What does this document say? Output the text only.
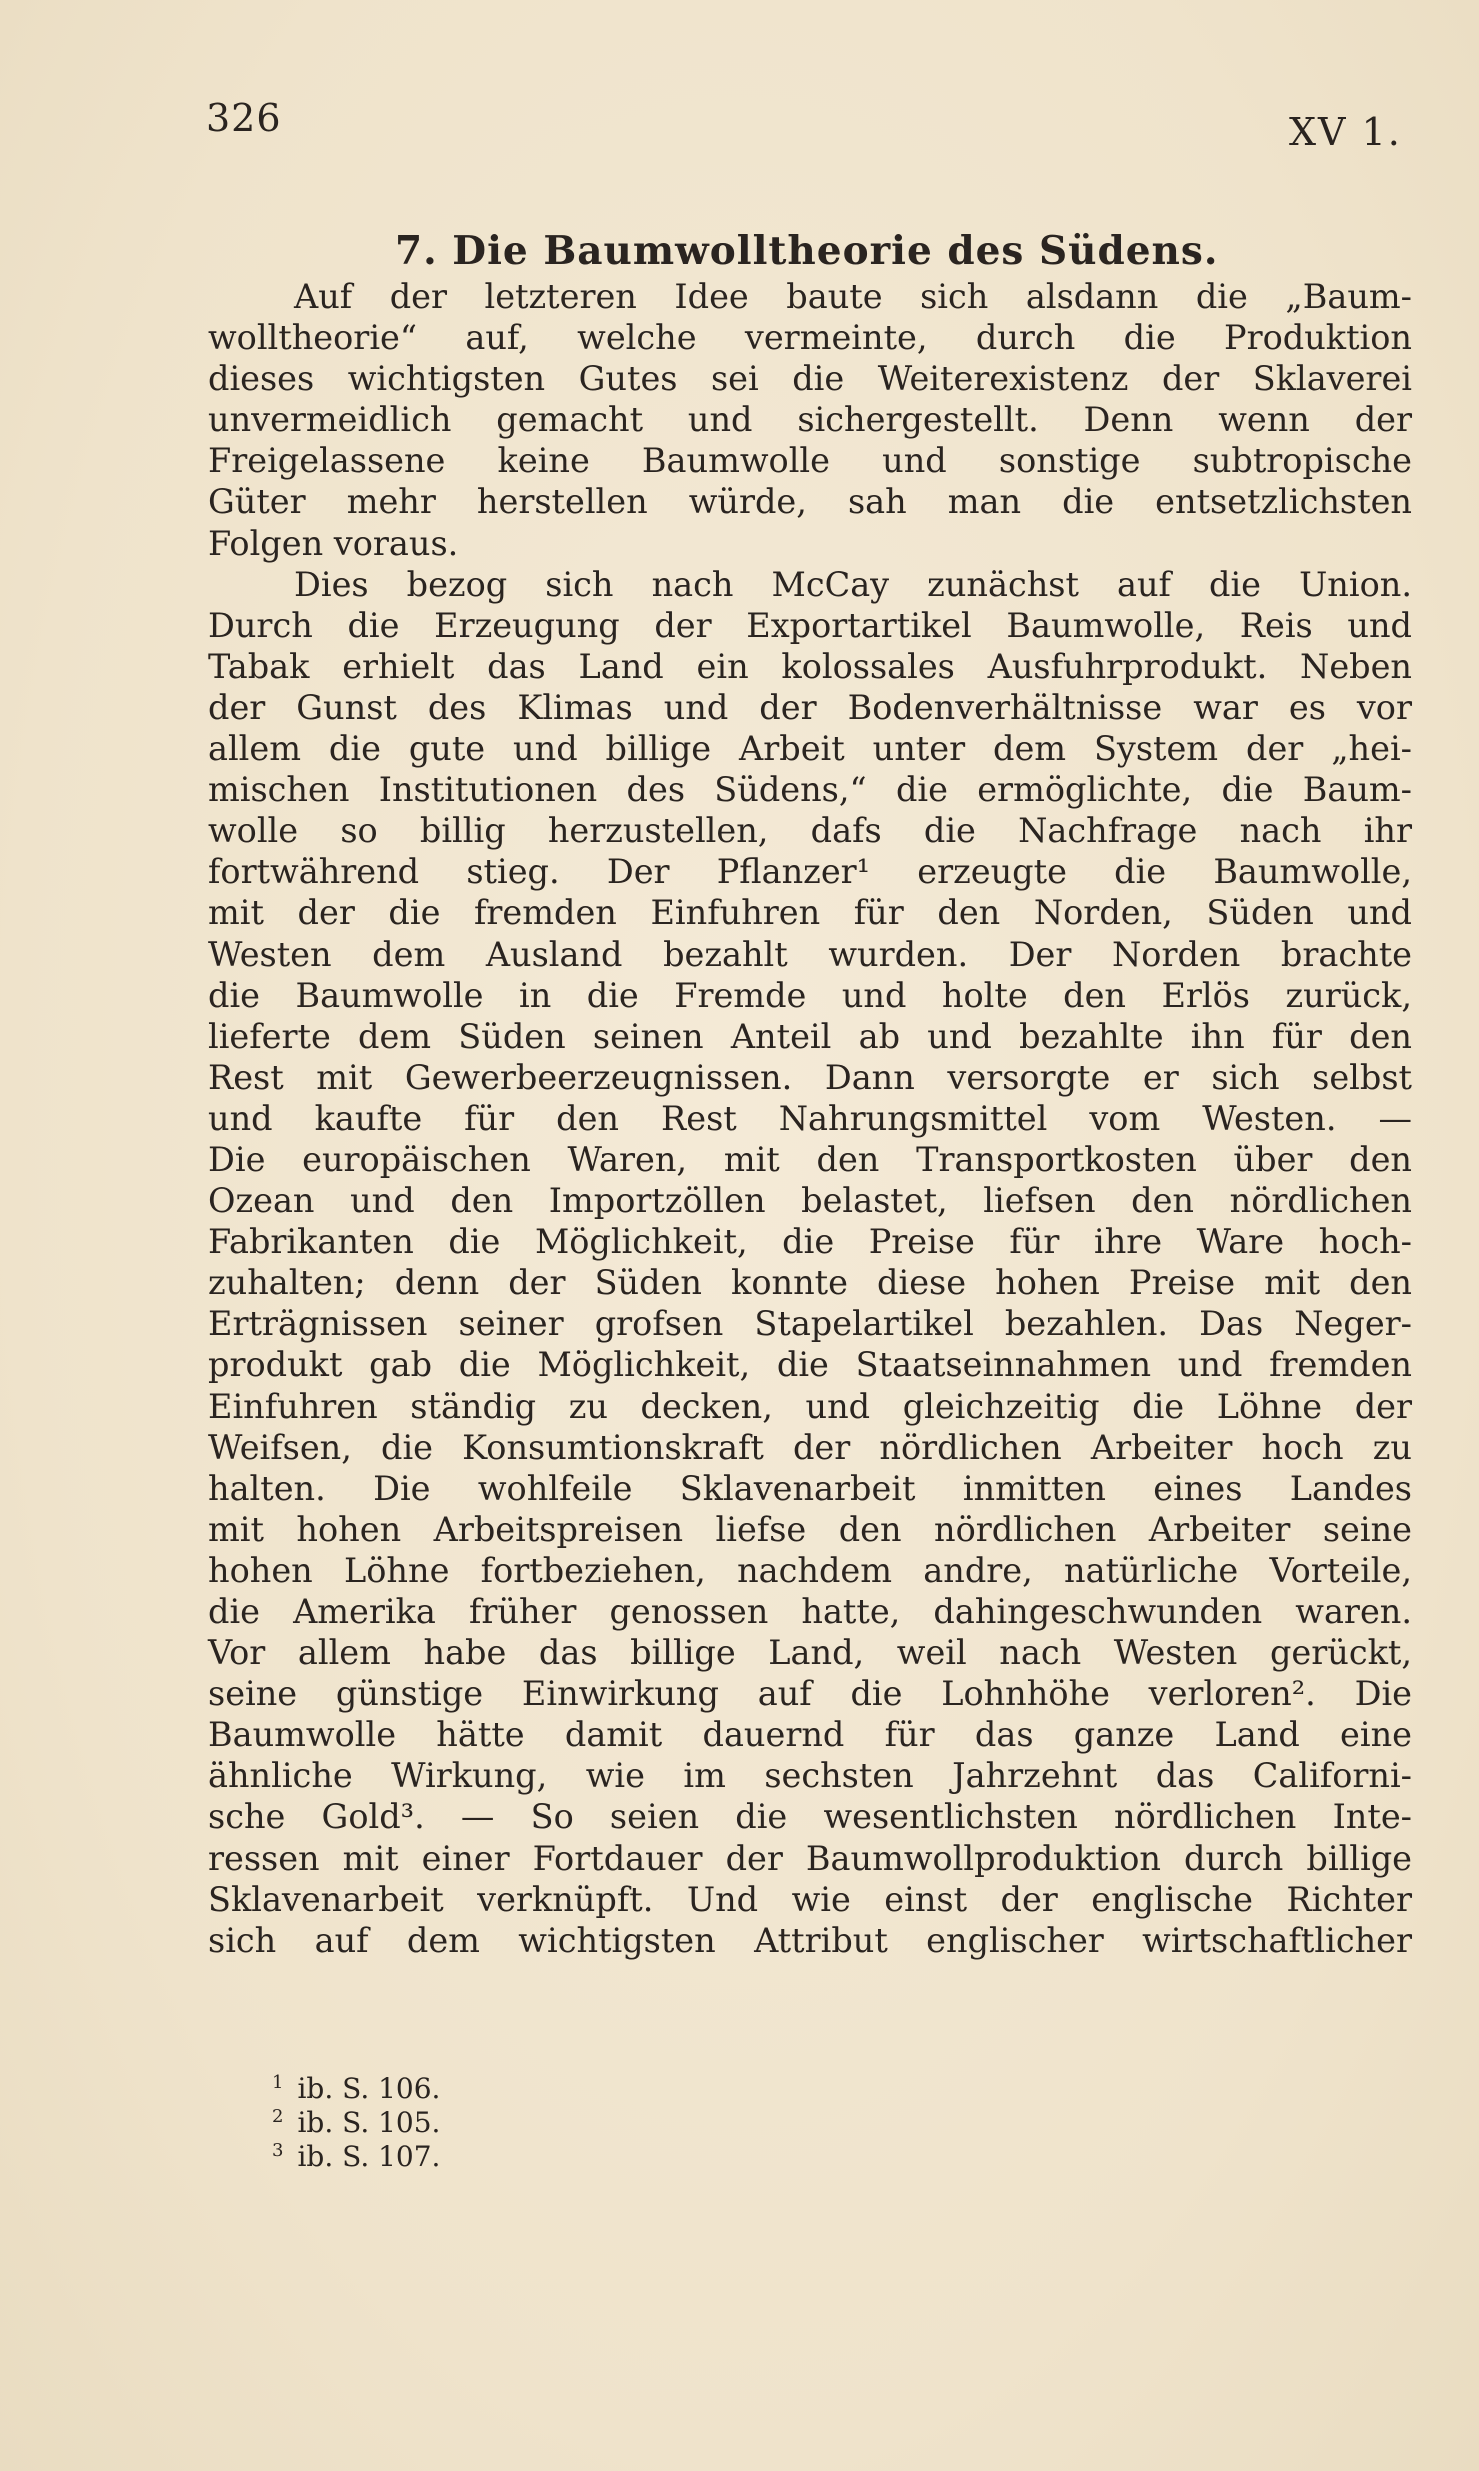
326	XV 1.
7. Die Baumwolltheorie des Südens.
Auf der letzteren Idee baute sich alsdann die „Baum-
wolltheorie“ auf, welche vermeinte, durch die Produktion
dieses wichtigsten Gutes sei die Weiterexistenz der Sklaverei
unvermeidlich gemacht und sichergestellt. Denn wenn der
Freigelassene keine Baumwolle und sonstige subtropische
Güter mehr herstellen würde, sah man die entsetzlichsten
Folgen voraus.
Dies bezog sich nach McCay zunächst auf die Union.
Durch die Erzeugung der Exportartikel Baumwolle, Reis und
Tabak erhielt das Land ein kolossales Ausfuhrprodukt. Neben
der Gunst des Klimas und der Bodenverhältnisse war es vor
allem die gute und billige Arbeit unter dem System der „hei-
mischen Institutionen des Südens,“ die ermöglichte, die Baum-
wolle so billig herzustellen, dafs die Nachfrage nach ihr
fortwährend stieg. Der Pflanzer¹ erzeugte die Baumwolle,
mit der die fremden Einfuhren für den Norden, Süden und
Westen dem Ausland bezahlt wurden. Der Norden brachte
die Baumwolle in die Fremde und holte den Erlös zurück,
lieferte dem Süden seinen Anteil ab und bezahlte ihn für den
Rest mit Gewerbeerzeugnissen. Dann versorgte er sich selbst
und kaufte für den Rest Nahrungsmittel vom Westen. —
Die europäischen Waren, mit den Transportkosten über den
Ozean und den Importzöllen belastet, liefsen den nördlichen
Fabrikanten die Möglichkeit, die Preise für ihre Ware hoch-
zuhalten; denn der Süden konnte diese hohen Preise mit den
Erträgnissen seiner grofsen Stapelartikel bezahlen. Das Neger-
produkt gab die Möglichkeit, die Staatseinnahmen und fremden
Einfuhren ständig zu decken, und gleichzeitig die Löhne der
Weifsen, die Konsumtionskraft der nördlichen Arbeiter hoch zu
halten. Die wohlfeile Sklavenarbeit inmitten eines Landes
mit hohen Arbeitspreisen liefse den nördlichen Arbeiter seine
hohen Löhne fortbeziehen, nachdem andre, natürliche Vorteile,
die Amerika früher genossen hatte, dahingeschwunden waren.
Vor allem habe das billige Land, weil nach Westen gerückt,
seine günstige Einwirkung auf die Lohnhöhe verloren². Die
Baumwolle hätte damit dauernd für das ganze Land eine
ähnliche Wirkung, wie im sechsten Jahrzehnt das Californi-
sche Gold³. — So seien die wesentlichsten nördlichen Inte-
ressen mit einer Fortdauer der Baumwollproduktion durch billige
Sklavenarbeit verknüpft. Und wie einst der englische Richter
sich auf dem wichtigsten Attribut englischer wirtschaftlicher
$^1$ ib. S. 106.
$^2$ ib. S. 105.
$^3$ ib. S. 107.
